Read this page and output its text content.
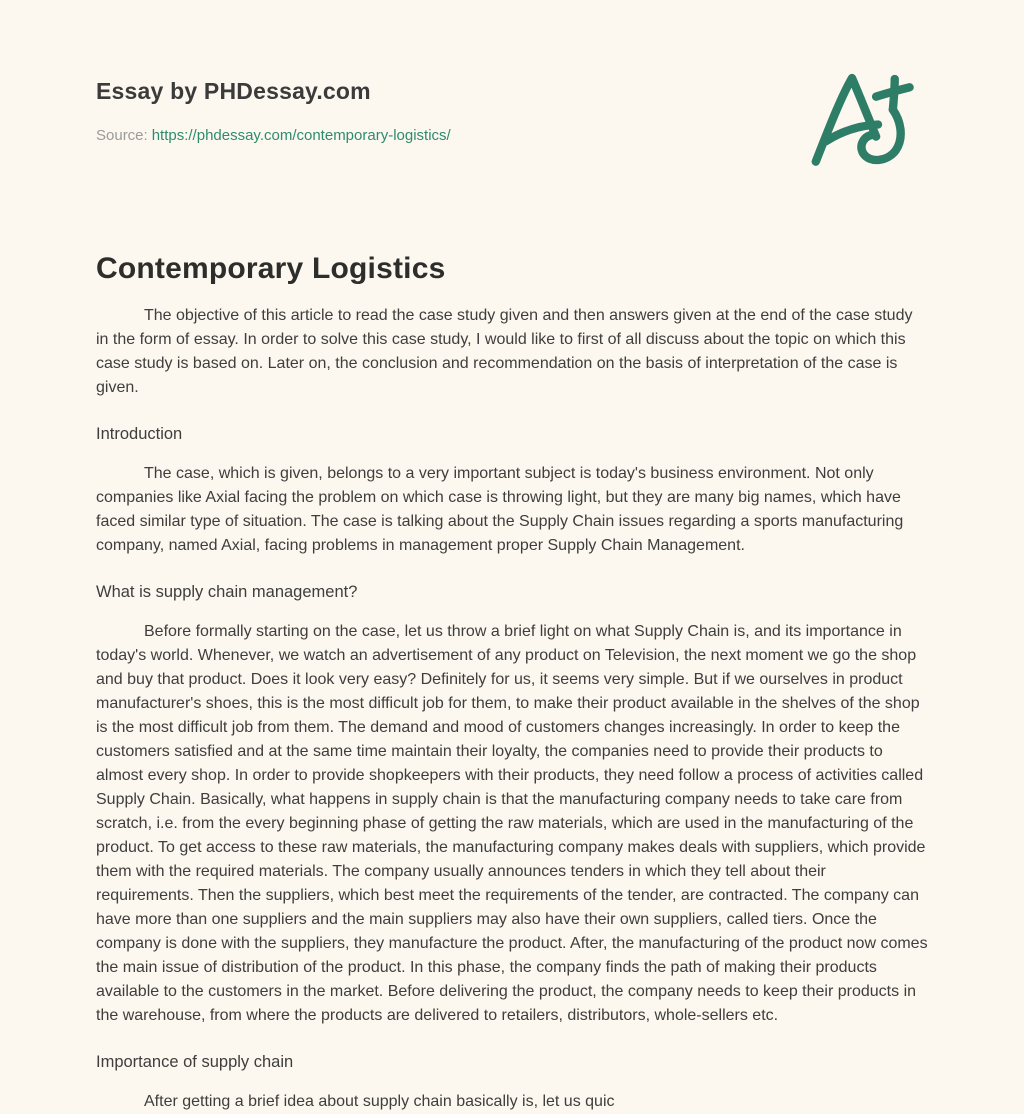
Essay by PHDessay.com
Source: https://phdessay.com/contemporary-logistics/
Contemporary Logistics

The objective of this article to read the case study given and then answers given at the end of the case study in the form of essay. In order to solve this case study, I would like to first of all discuss about the topic on which this case study is based on. Later on, the conclusion and recommendation on the basis of interpretation of the case is given.

Introduction

The case, which is given, belongs to a very important subject is today's business environment. Not only companies like Axial facing the problem on which case is throwing light, but they are many big names, which have faced similar type of situation. The case is talking about the Supply Chain issues regarding a sports manufacturing company, named Axial, facing problems in management proper Supply Chain Management.

What is supply chain management?

Before formally starting on the case, let us throw a brief light on what Supply Chain is, and its importance in today's world. Whenever, we watch an advertisement of any product on Television, the next moment we go the shop and buy that product. Does it look very easy? Definitely for us, it seems very simple. But if we ourselves in product manufacturer's shoes, this is the most difficult job for them, to make their product available in the shelves of the shop is the most difficult job from them. The demand and mood of customers changes increasingly. In order to keep the customers satisfied and at the same time maintain their loyalty, the companies need to provide their products to almost every shop. In order to provide shopkeepers with their products, they need follow a process of activities called Supply Chain. Basically, what happens in supply chain is that the manufacturing company needs to take care from scratch, i.e. from the every beginning phase of getting the raw materials, which are used in the manufacturing of the product. To get access to these raw materials, the manufacturing company makes deals with suppliers, which provide them with the required materials. The company usually announces tenders in which they tell about their requirements. Then the suppliers, which best meet the requirements of the tender, are contracted. The company can have more than one suppliers and the main suppliers may also have their own suppliers, called tiers. Once the company is done with the suppliers, they manufacture the product. After, the manufacturing of the product now comes the main issue of distribution of the product. In this phase, the company finds the path of making their products available to the customers in the market. Before delivering the product, the company needs to keep their products in the warehouse, from where the products are delivered to retailers, distributors, whole-sellers etc.

Importance of supply chain

After getting a brief idea about supply chain basically is, let us quic
